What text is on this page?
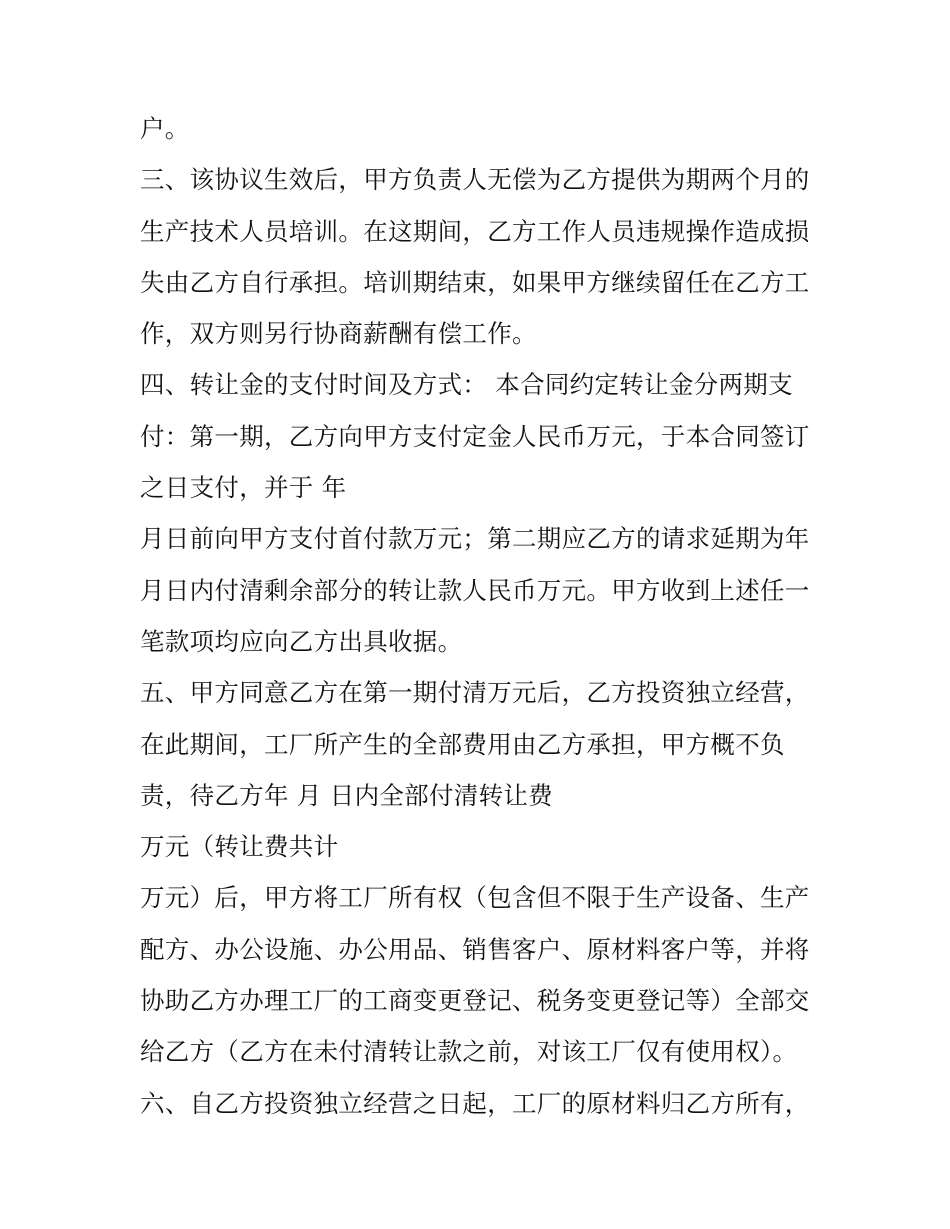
户。
三、该协议生效后，甲方负责人无偿为乙方提供为期两个月的
生产技术人员培训。在这期间，乙方工作人员违规操作造成损
失由乙方自行承担。培训期结束，如果甲方继续留任在乙方工
作，双方则另行协商薪酬有偿工作。
四、转让金的支付时间及方式： 本合同约定转让金分两期支
付：第一期，乙方向甲方支付定金人民币万元，于本合同签订
之日支付，并于 年
月日前向甲方支付首付款万元；第二期应乙方的请求延期为年
月日内付清剩余部分的转让款人民币万元。甲方收到上述任一
笔款项均应向乙方出具收据。
五、甲方同意乙方在第一期付清万元后，乙方投资独立经营，
在此期间，工厂所产生的全部费用由乙方承担，甲方概不负
责，待乙方年 月 日内全部付清转让费
万元（转让费共计
万元）后，甲方将工厂所有权（包含但不限于生产设备、生产
配方、办公设施、办公用品、销售客户、原材料客户等，并将
协助乙方办理工厂的工商变更登记、税务变更登记等）全部交
给乙方（乙方在未付清转让款之前，对该工厂仅有使用权）。
六、自乙方投资独立经营之日起，工厂的原材料归乙方所有，
